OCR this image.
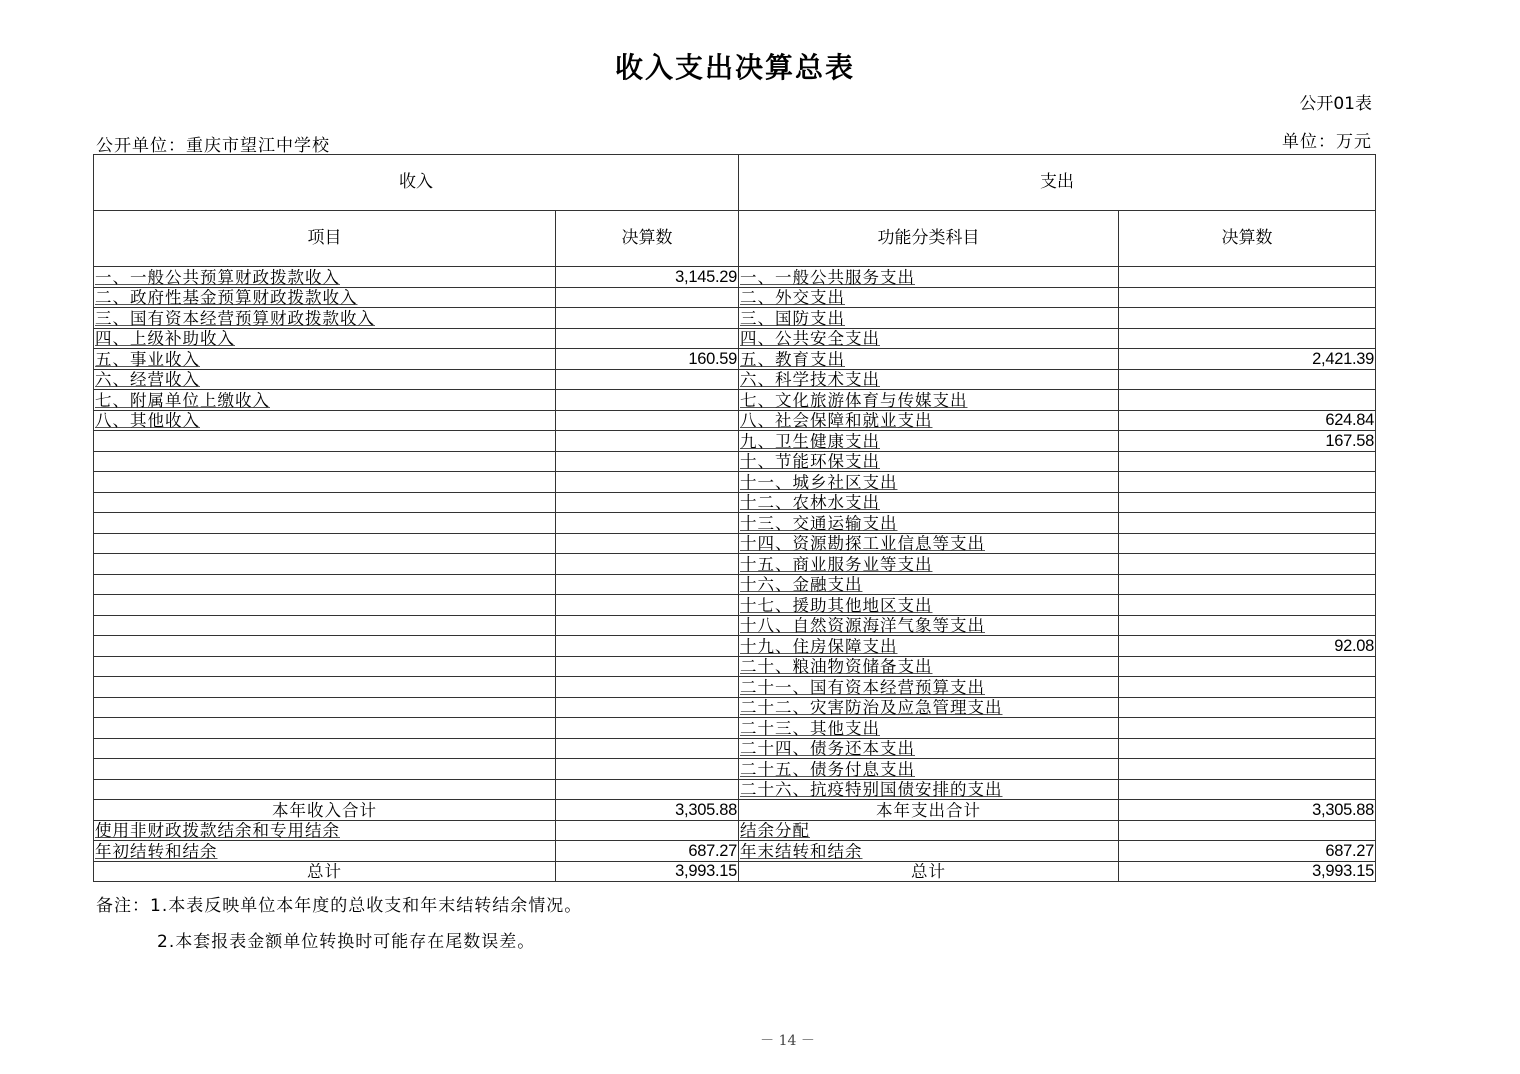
收入支出决算总表
公开01表
公开单位：重庆市望江中学校	单位：万元
收入		支出	
项目	决算数	功能分类科目	决算数
一、一般公共预算财政拨款收入	3,145.29	一、一般公共服务支出	
二、政府性基金预算财政拨款收入		二、外交支出	
三、国有资本经营预算财政拨款收入		三、国防支出	
四、上级补助收入		四、公共安全支出	
五、事业收入	160.59	五、教育支出	2,421.39
六、经营收入		六、科学技术支出	
七、附属单位上缴收入		七、文化旅游体育与传媒支出	
八、其他收入		八、社会保障和就业支出	624.84
		九、卫生健康支出	167.58
		十、节能环保支出	
		十一、城乡社区支出	
		十二、农林水支出	
		十三、交通运输支出	
		十四、资源勘探工业信息等支出	
		十五、商业服务业等支出	
		十六、金融支出	
		十七、援助其他地区支出	
		十八、自然资源海洋气象等支出	
		十九、住房保障支出	92.08
		二十、粮油物资储备支出	
		二十一、国有资本经营预算支出	
		二十二、灾害防治及应急管理支出	
		二十三、其他支出	
		二十四、债务还本支出	
		二十五、债务付息支出	
		二十六、抗疫特别国债安排的支出	
本年收入合计	3,305.88	本年支出合计	3,305.88
使用非财政拨款结余和专用结余		结余分配	
年初结转和结余	687.27	年末结转和结余	687.27
总计	3,993.15	总计	3,993.15
备注：1.本表反映单位本年度的总收支和年末结转结余情况。
2.本套报表金额单位转换时可能存在尾数误差。
－ 14 －
